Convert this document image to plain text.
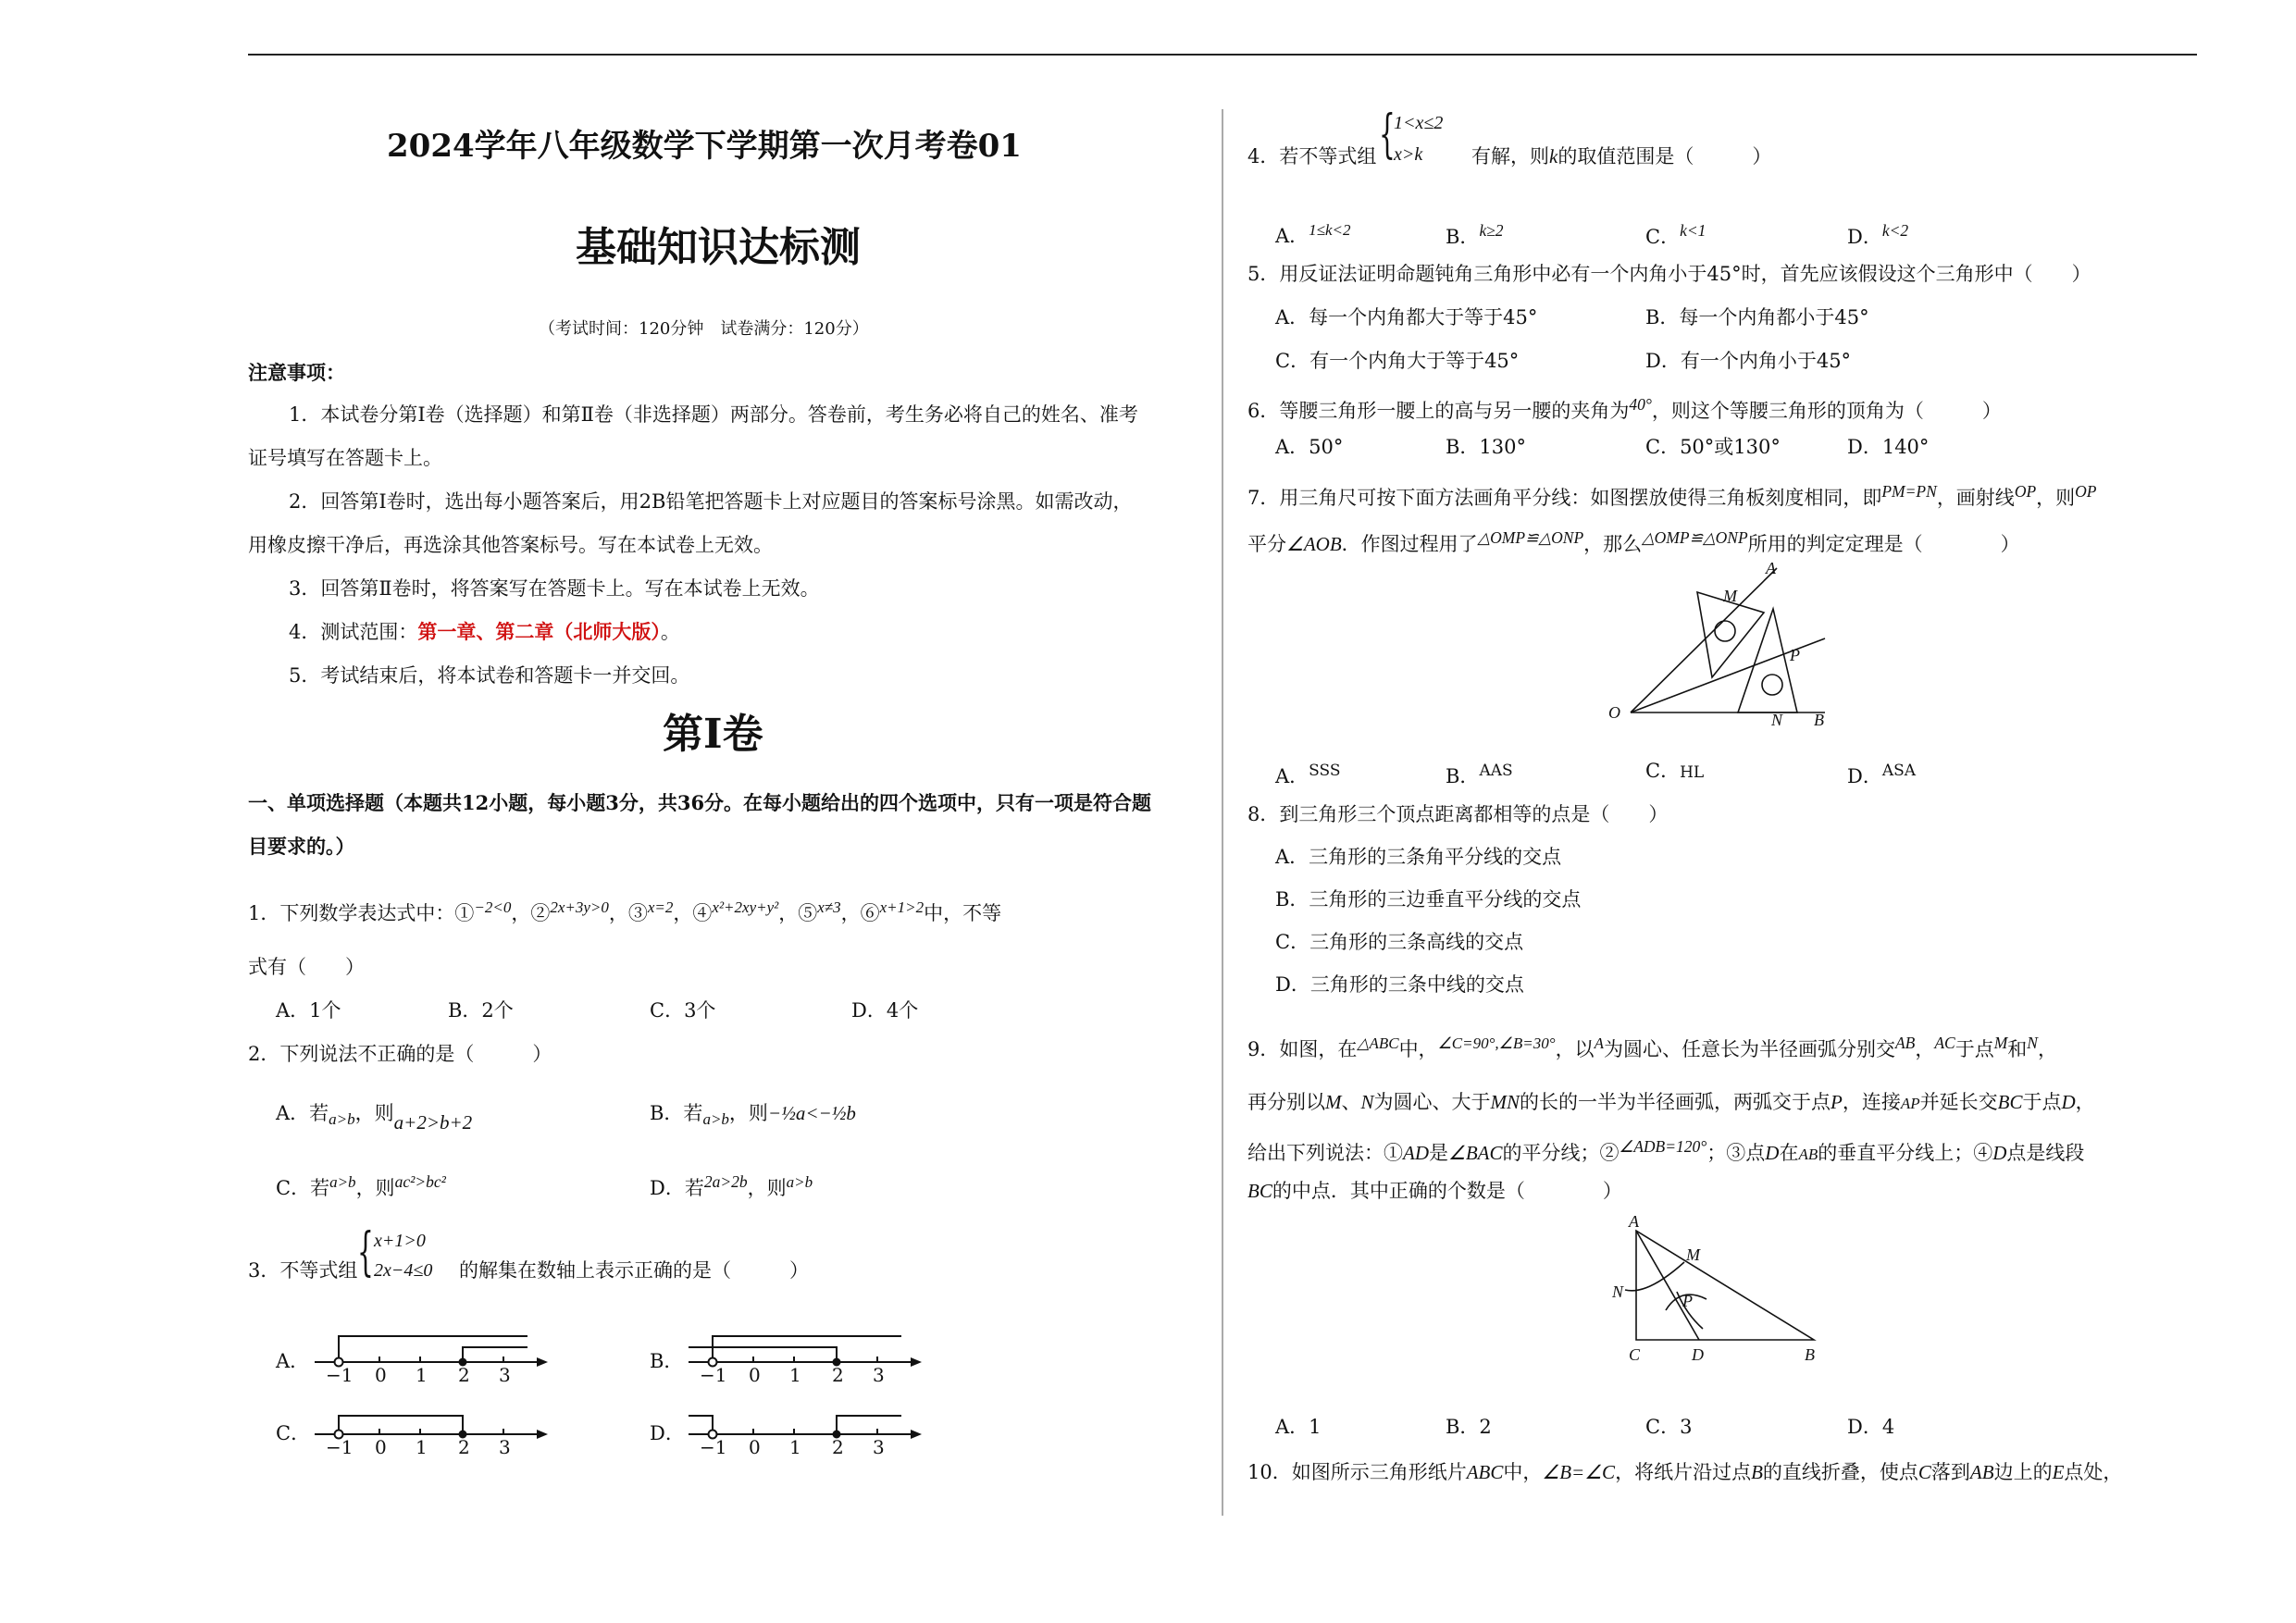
2024学年八年级数学下学期第一次月考卷01
基础知识达标测
（考试时间：120分钟　试卷满分：120分）
注意事项：
1．本试卷分第Ⅰ卷（选择题）和第Ⅱ卷（非选择题）两部分。答卷前，考生务必将自己的姓名、准考
证号填写在答题卡上。
2．回答第Ⅰ卷时，选出每小题答案后，用2B铅笔把答题卡上对应题目的答案标号涂黑。如需改动，
用橡皮擦干净后，再选涂其他答案标号。写在本试卷上无效。
3．回答第Ⅱ卷时，将答案写在答题卡上。写在本试卷上无效。
4．测试范围：第一章、第二章（北师大版）。
5．考试结束后，将本试卷和答题卡一并交回。
第Ⅰ卷
一、单项选择题（本题共12小题，每小题3分，共36分。在每小题给出的四个选项中，只有一项是符合题
目要求的。）
1．下列数学表达式中：①$^{-2<0}$，②$^{2x+3y>0}$，③$^{x=2}$，④$^{x^2+2xy+y^2}$，⑤$^{x\ne 3}$，⑥$^{x+1>2}$中，不等
式有（　　）
A．1个	B．2个	C．3个	D．4个
2．下列说法不正确的是（　　　）
A．若$_{a>b}$，则a+2>b+2	B．若$_{a>b}$，则−½a<−½b
C．若$^{a>b}$，则$^{ac^2>bc^2}$	D．若$^{2a>2b}$，则$^{a>b}$
3．不等式组 { x+1>0
2x−4≤0 的解集在数轴上表示正确的是（　　　）
A．	B．
C．	D．
−1 0 1 2 3	−1 0 1 2 3
−1 0 1 2 3	−1 0 1 2 3
4．若不等式组 {
1<x≤2
x>k	有解，则k的取值范围是（　　　）
A．$^{1\le k<2}$	B．$^{k\ge 2}$	C．$^{k<1}$	D．$^{k<2}$
5．用反证法证明命题钝角三角形中必有一个内角小于45°时，首先应该假设这个三角形中（　　）
A．每一个内角都大于等于45°	B．每一个内角都小于45°
C．有一个内角大于等于45°	D．有一个内角小于45°
6．等腰三角形一腰上的高与另一腰的夹角为$^{40^\circ}$，则这个等腰三角形的顶角为（　　　）
A．50°	B．130°	C．50°或130°	D．140°
7．用三角尺可按下面方法画角平分线：如图摆放使得三角板刻度相同，即$^{PM=PN}$，画射线$^{OP}$，则$^{OP}$
平分∠AOB．作图过程用了$^{\triangle OMP≌\triangle ONP}$，那么$^{\triangle OMP≌\triangle ONP}$所用的判定定理是（　　　　）
A
M
P
O	N B
A．$^{SSS}$	B．$^{AAS}$	C．HL	D．$^{ASA}$
8．到三角形三个顶点距离都相等的点是（　　）
A．三角形的三条角平分线的交点
B．三角形的三边垂直平分线的交点
C．三角形的三条高线的交点
D．三角形的三条中线的交点
9．如图，在$^{\triangle ABC}$中，$^{\angle C=90^\circ,\angle B=30^\circ}$，以$^A$为圆心、任意长为半径画弧分别交$^{AB}$，$^{AC}$于点$^M$和$^N$，
再分别以M、N为圆心、大于MN的长的一半为半径画弧，两弧交于点P，连接AP并延长交BC于点D，
给出下列说法：①AD是∠BAC的平分线；②$^{\angle ADB=120^\circ}$；③点D在AB的垂直平分线上；④D点是线段
BC的中点．其中正确的个数是（　　　　）
A
M
N	P
C	D	B
A．1	B．2	C．3	D．4
10．如图所示三角形纸片ABC中，∠B=∠C，将纸片沿过点B的直线折叠，使点C落到AB边上的E点处，
